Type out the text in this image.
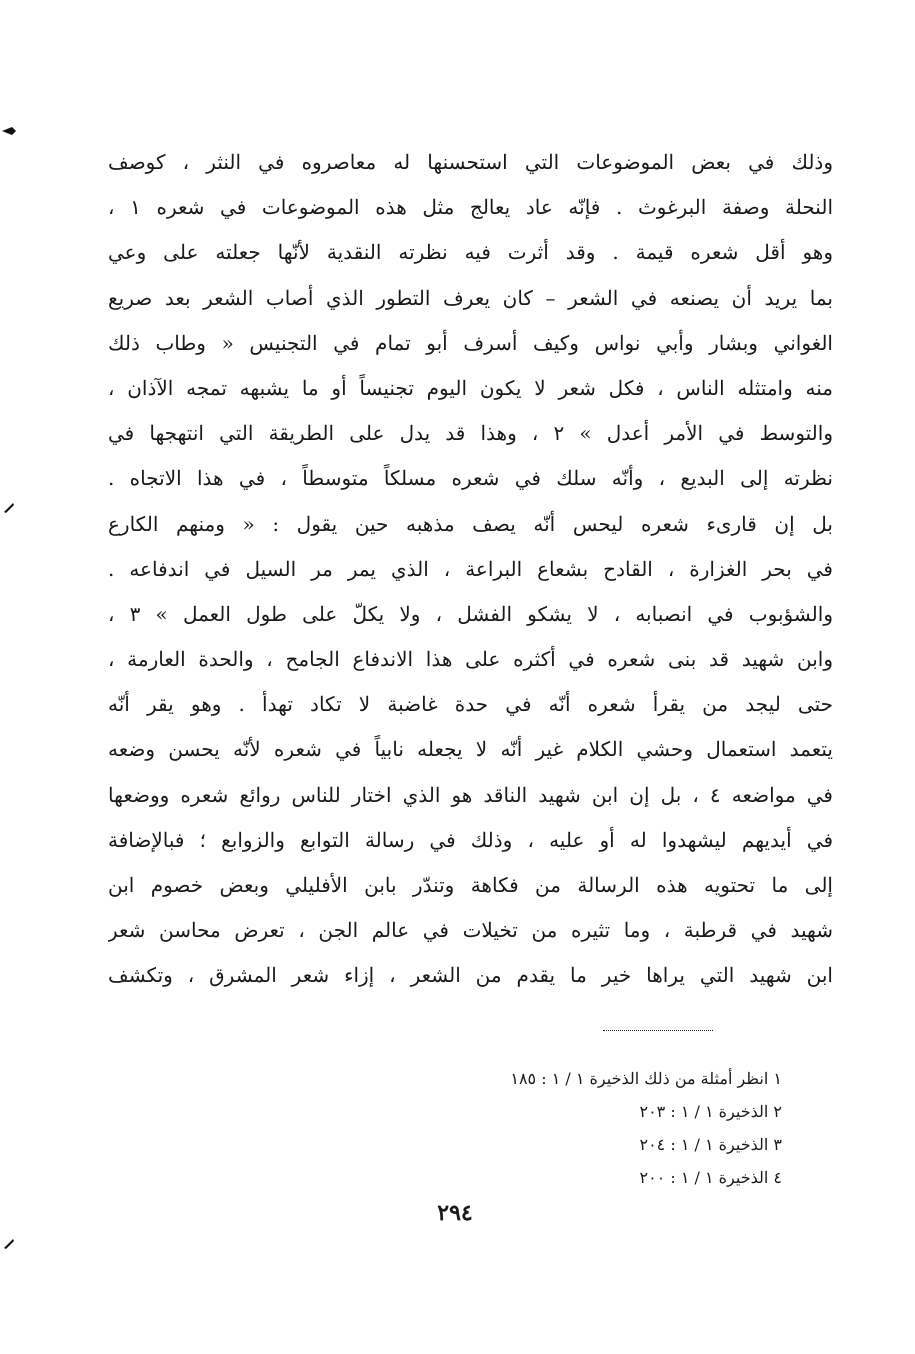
وذلك في بعض الموضوعات التي استحسنها له معاصروه في النثر ، كوصف
النحلة وصفة البرغوث . فإنّه عاد يعالج مثل هذه الموضوعات في شعره ١ ،
وهو أقل شعره قيمة . وقد أثرت فيه نظرته النقدية لأنّها جعلته على وعي
بما يريد أن يصنعه في الشعر – كان يعرف التطور الذي أصاب الشعر بعد صريع
الغواني وبشار وأبي نواس وكيف أسرف أبو تمام في التجنيس « وطاب ذلك
منه وامتثله الناس ، فكل شعر لا يكون اليوم تجنيساً أو ما يشبهه تمجه الآذان ،
والتوسط في الأمر أعدل » ٢ ، وهذا قد يدل على الطريقة التي انتهجها في
نظرته إلى البديع ، وأنّه سلك في شعره مسلكاً متوسطاً ، في هذا الاتجاه .
بل إن قارىء شعره ليحس أنّه يصف مذهبه حين يقول : « ومنهم الكارع
في بحر الغزارة ، القادح بشعاع البراعة ، الذي يمر مر السيل في اندفاعه .
والشؤبوب في انصبابه ، لا يشكو الفشل ، ولا يكلّ على طول العمل » ٣ ،
وابن شهيد قد بنى شعره في أكثره على هذا الاندفاع الجامح ، والحدة العارمة ،
حتى ليجد من يقرأ شعره أنّه في حدة غاضبة لا تكاد تهدأ . وهو يقر أنّه
يتعمد استعمال وحشي الكلام غير أنّه لا يجعله نابياً في شعره لأنّه يحسن وضعه
في مواضعه ٤ ، بل إن ابن شهيد الناقد هو الذي اختار للناس روائع شعره ووضعها
في أيديهم ليشهدوا له أو عليه ، وذلك في رسالة التوابع والزوابع ؛ فبالإضافة
إلى ما تحتويه هذه الرسالة من فكاهة وتندّر بابن الأفليلي وبعض خصوم ابن
شهيد في قرطبة ، وما تثيره من تخيلات في عالم الجن ، تعرض محاسن شعر
ابن شهيد التي يراها خير ما يقدم من الشعر ، إزاء شعر المشرق ، وتكشف
١ انظر أمثلة من ذلك الذخيرة ١ / ١ : ١٨٥
٢ الذخيرة ١ / ١ : ٢٠٣
٣ الذخيرة ١ / ١ : ٢٠٤
٤ الذخيرة ١ / ١ : ٢٠٠
٢٩٤
